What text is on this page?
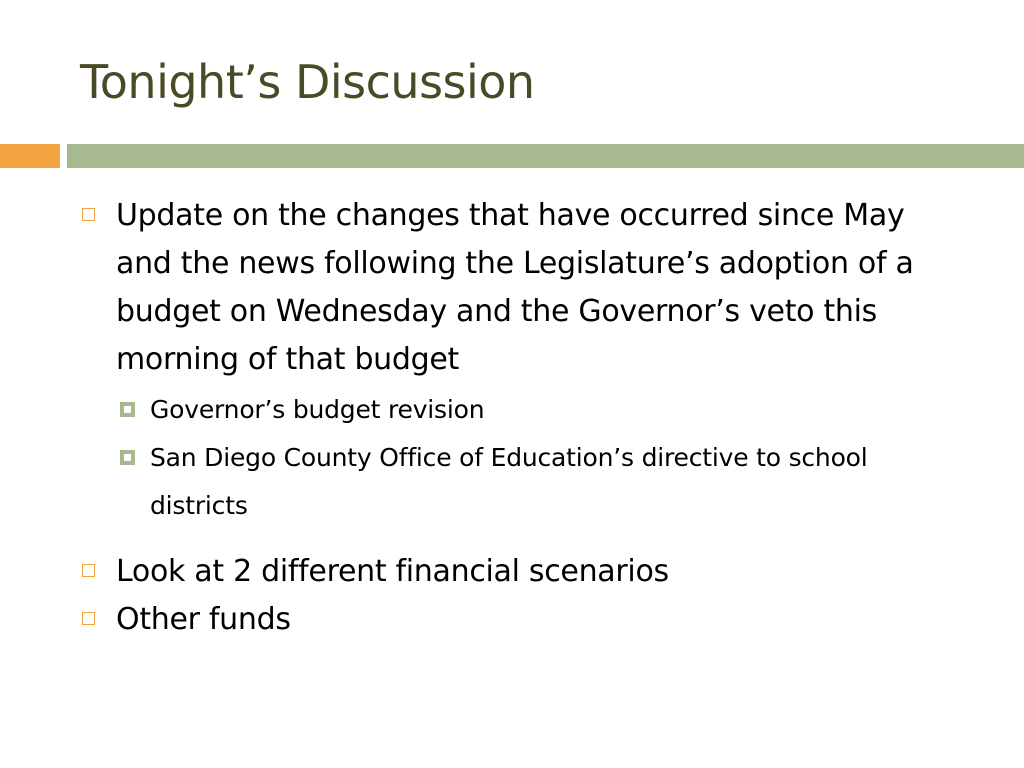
Tonight’s Discussion
Update on the changes that have occurred since May and the news following the Legislature’s adoption of a budget on Wednesday and the Governor’s veto this morning of that budget
Governor’s budget revision
San Diego County Office of Education’s directive to school districts
Look at 2 different financial scenarios
Other funds
